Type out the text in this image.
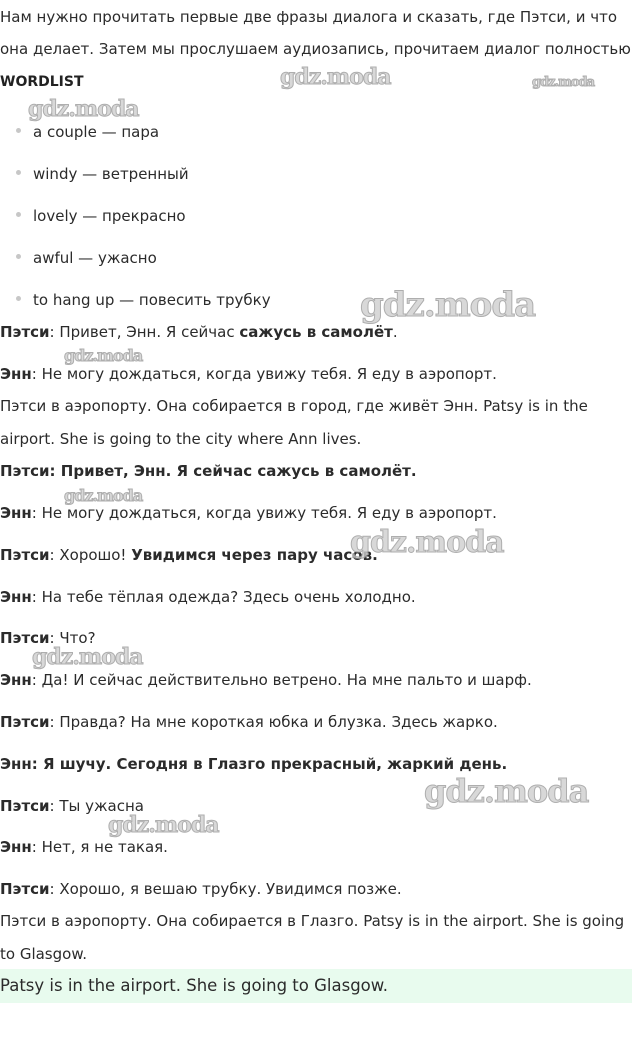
Нам нужно прочитать первые две фразы диалога и сказать, где Пэтси, и что
она делает. Затем мы прослушаем аудиозапись, прочитаем диалог полностью
WORDLIST
a couple — пара
windy — ветренный
lovely — прекрасно
awful — ужасно
to hang up — повесить трубку
Пэтси: Привет, Энн. Я сейчас сажусь в самолёт.
Энн: Не могу дождаться, когда увижу тебя. Я еду в аэропорт.
Пэтси в аэропорту. Она собирается в город, где живёт Энн. Patsy is in the
airport. She is going to the city where Ann lives.
Пэтси: Привет, Энн. Я сейчас сажусь в самолёт.
Энн: Не могу дождаться, когда увижу тебя. Я еду в аэропорт.
Пэтси: Хорошо! Увидимся через пару часов.
Энн: На тебе тёплая одежда? Здесь очень холодно.
Пэтси: Что?
Энн: Да! И сейчас действительно ветрено. На мне пальто и шарф.
Пэтси: Правда? На мне короткая юбка и блузка. Здесь жарко.
Энн: Я шучу. Сегодня в Глазго прекрасный, жаркий день.
Пэтси: Ты ужасна
Энн: Нет, я не такая.
Пэтси: Хорошо, я вешаю трубку. Увидимся позже.
Пэтси в аэропорту. Она собирается в Глазго. Patsy is in the airport. She is going
to Glasgow.
Patsy is in the airport. She is going to Glasgow.
gdz.moda	gdz.moda
gdz.moda
gdz.moda
gdz.moda
gdz.moda
gdz.moda
gdz.moda
gdz.moda
gdz.moda
